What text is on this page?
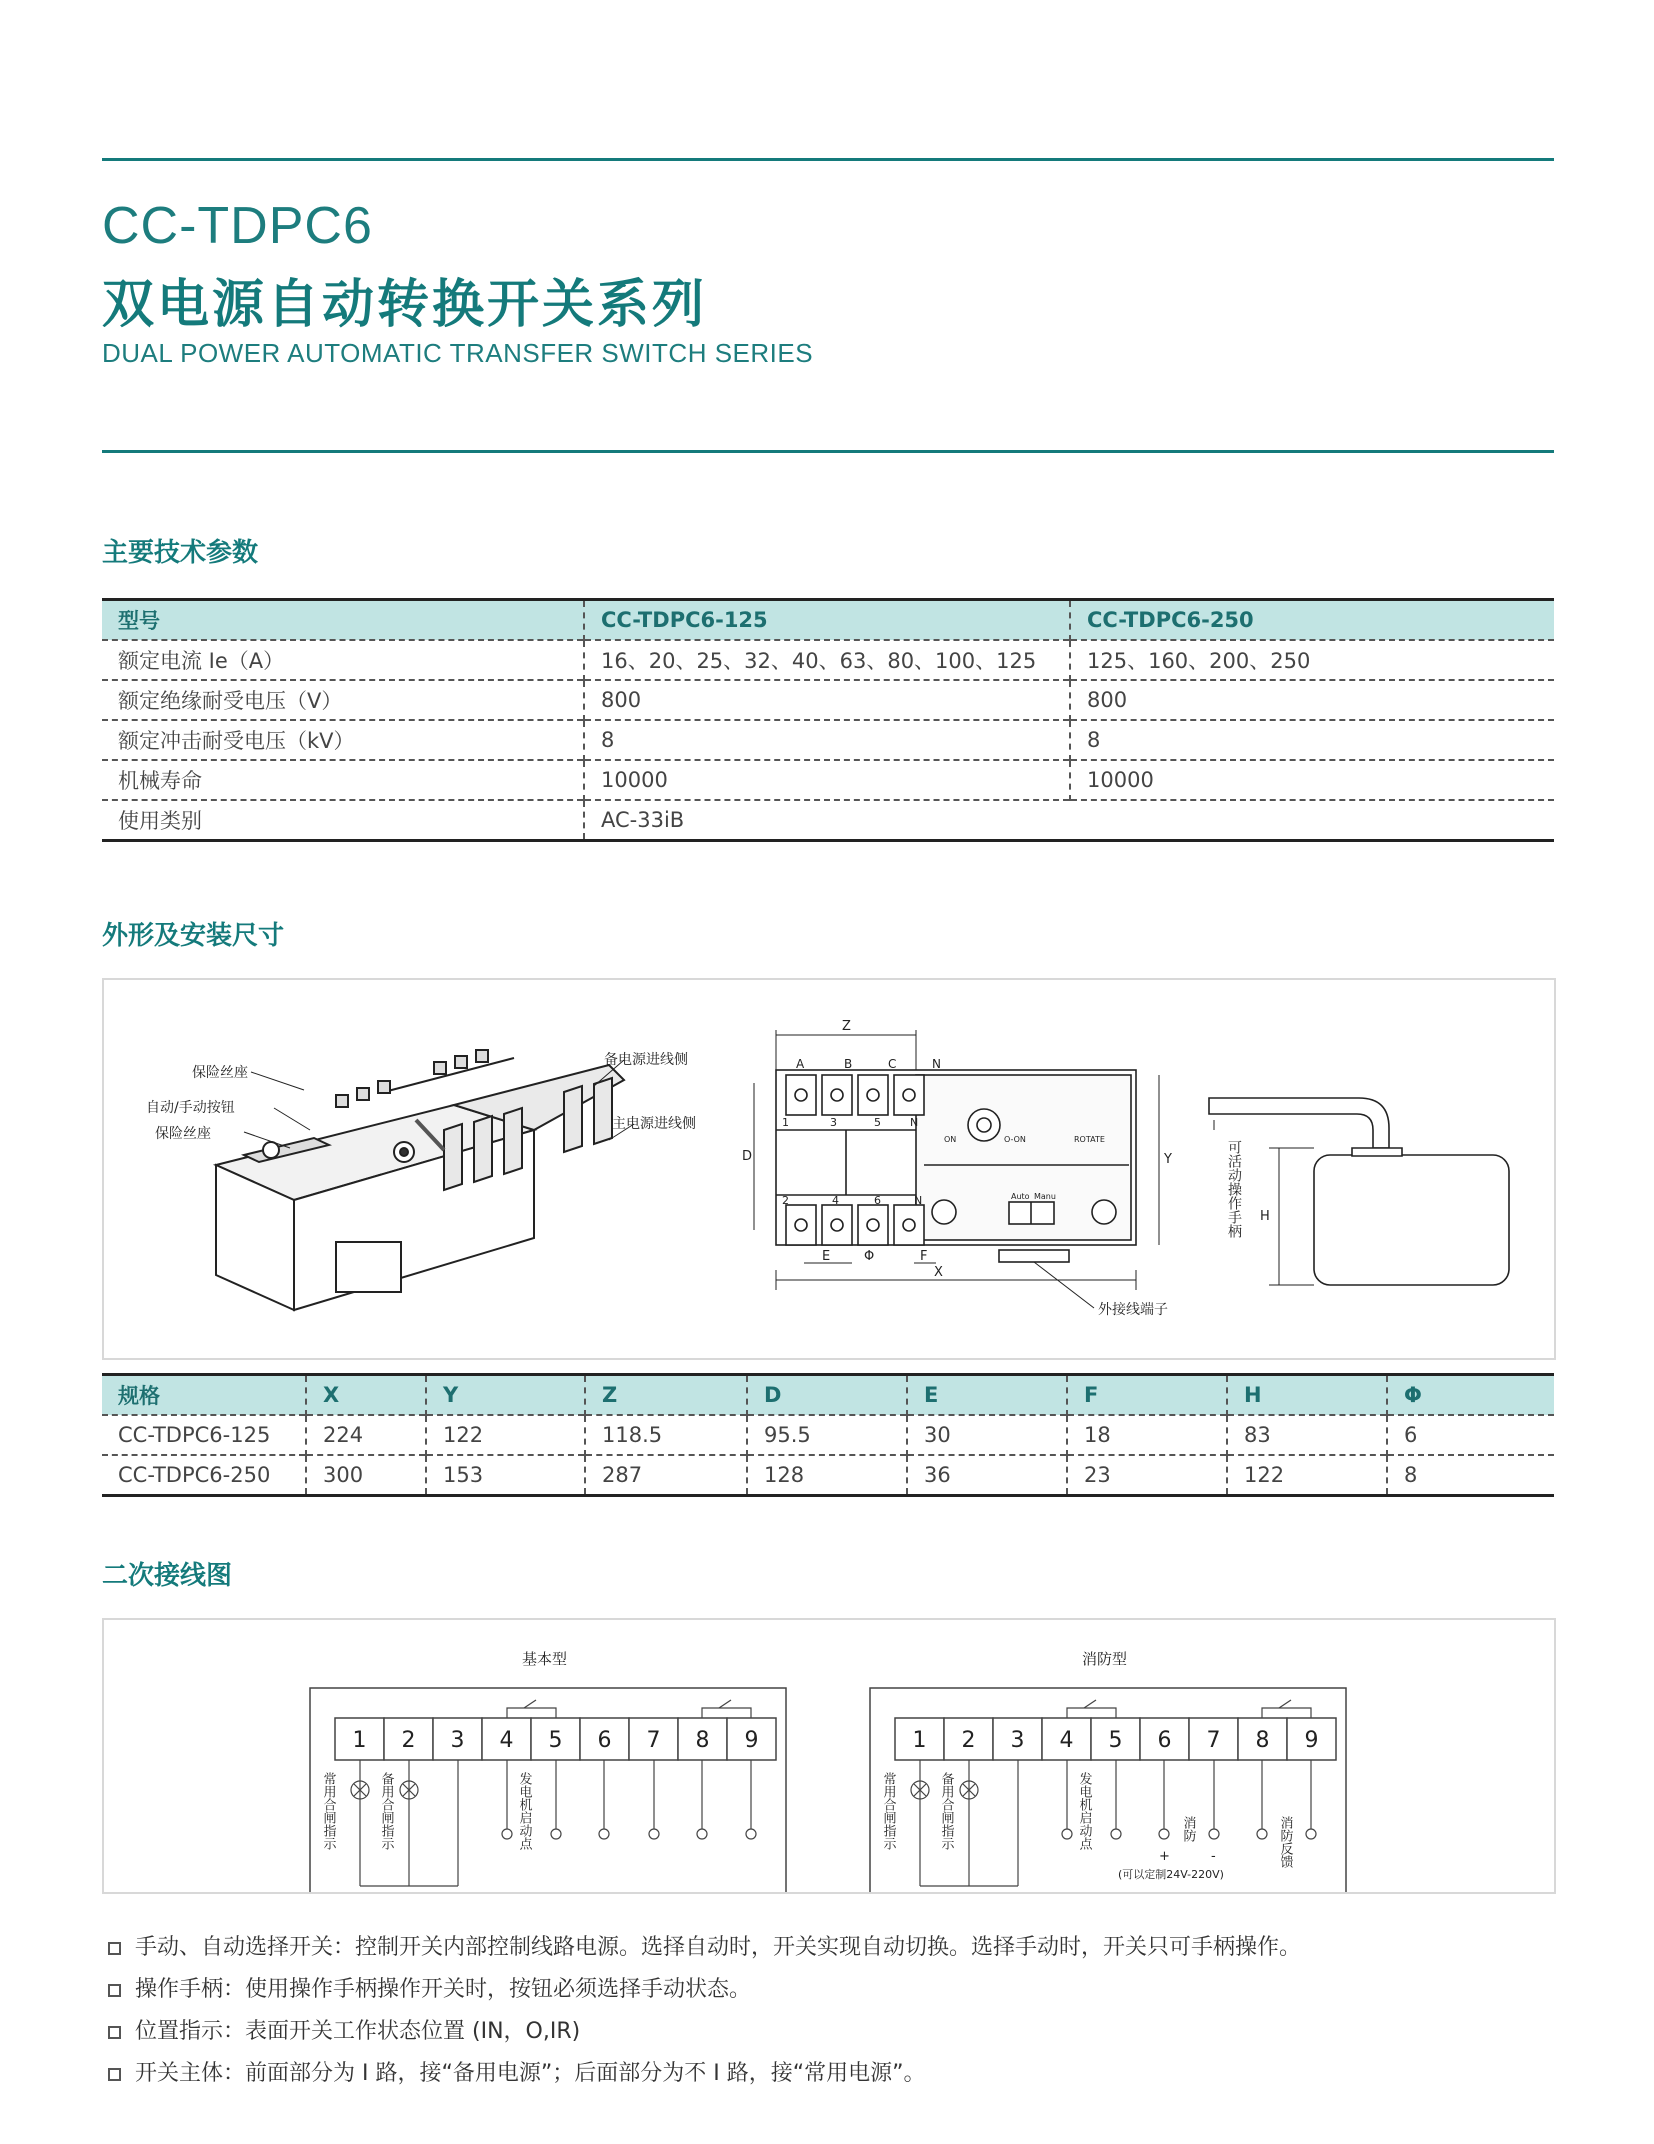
CC-TDPC6
双电源自动转换开关系列
DUAL POWER AUTOMATIC TRANSFER SWITCH SERIES
主要技术参数
型号	CC-TDPC6-125	CC-TDPC6-250
额定电流 Ie（A）	16、20、25、32、40、63、80、100、125	125、160、200、250
额定绝缘耐受电压（V）	800	800
额定冲击耐受电压（kV）	8	8
机械寿命	10000	10000
使用类别	AC-33iB	
外形及安装尺寸
保险丝座
自动/手动按钮
保险丝座
备电源进线侧
主电源进线侧
Z
D	Y
X
E	Φ	F
A	B	C	N
1	3	5	N
2	4	6	N
ON	O-ON	ROTATE
Auto Manu
外接线端子
H
可活动操作手柄
规格	X	Y	Z	D	E	F	H	Φ
CC-TDPC6-125	224	122	118.5	95.5	30	18	83	6
CC-TDPC6-250	300	153	287	128	36	23	122	8
二次接线图
1 2 3 4 5 6 7 8 9
基本型
常用合闸指示	备用合闸指示	发电机启动点
1 2 3 4 5 6 7 8 9
消防型
常用合闸指示	备用合闸指示	发电机启动点	消防
+	-	消防反馈
(可以定制24V-220V)
手动、自动选择开关：控制开关内部控制线路电源。选择自动时，开关实现自动切换。选择手动时，开关只可手柄操作。
操作手柄：使用操作手柄操作开关时，按钮必须选择手动状态。
位置指示：表面开关工作状态位置 (IN，O,IR)
开关主体：前面部分为 I 路，接“备用电源”；后面部分为不 I 路，接“常用电源”。
